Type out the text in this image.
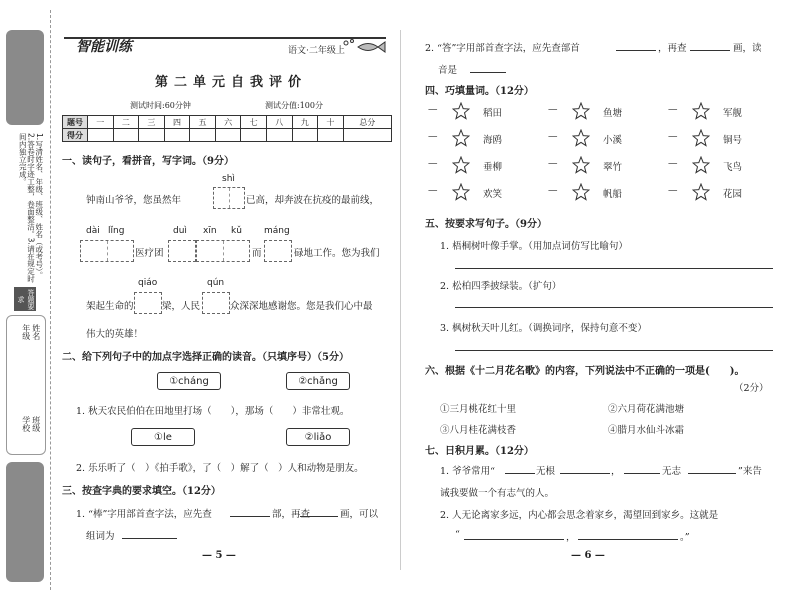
1.写清姓名、年级、班级、姓名（或考号）。2.答卷时字迹工整，卷面整洁。3.请在规定时间内独立完成。
答题要求
年级 姓名
学校 班级
智能训练	语文·二年级上
第二单元自我评价
测试时间:60分钟	测试分值:100分
题号	一	二	三	四	五	六	七	八	九	十	总分
得分											
一、读句子，看拼音，写字词。（9分）
shì
钟南山爷爷，您虽然年	已高，却奔波在抗疫的最前线，
dài lǐng	duì xīn kǔ máng
医疗团	而	碌地工作。您为我们
qiáo	qún
架起生命的	梁，人民	众深深地感谢您。您是我们心中最
伟大的英雄！
二、给下列句子中的加点字选择正确的读音。（只填序号）（5分）
①cháng	②chǎng
1. 秋天农民伯伯在田地里打场（　　），那场（　　）非常壮观。
①le	②liǎo
2. 乐乐听了（　）《拍手歌》，了（　）解了（　）人和动物是朋友。
三、按查字典的要求填空。（12分）
1. “棒”字用部首查字法，应先查	部，再查	画，可以
组词为
— 5 —
2. “答”字用部首查字法，应先查部首	，再查	画，读
音是
四、巧填量词。（12分）
—	稻田	—	鱼塘	—	军舰
—	海鸥	—	小溪	—	铜号
—	垂柳	—	翠竹	—	飞鸟
—	欢笑	—	帆船	—	花园
五、按要求写句子。（9分）
1. 梧桐树叶像手掌。（用加点词仿写比喻句）
2. 松柏四季披绿装。（扩句）
3. 枫树秋天叶儿红。（调换词序，保持句意不变）
六、根据《十二月花名歌》的内容，下列说法中不正确的一项是(　　)。
（2分）
①三月桃花红十里	②六月荷花满池塘
③八月桂花满枝香	④腊月水仙斗冰霜
七、日积月累。（12分）
1. 爷爷常用“	无根	，	无志	”来告
诫我要做一个有志气的人。
2. 人无论离家多远，内心都会思念着家乡，渴望回到家乡。这就是
“	，	。”
— 6 —
